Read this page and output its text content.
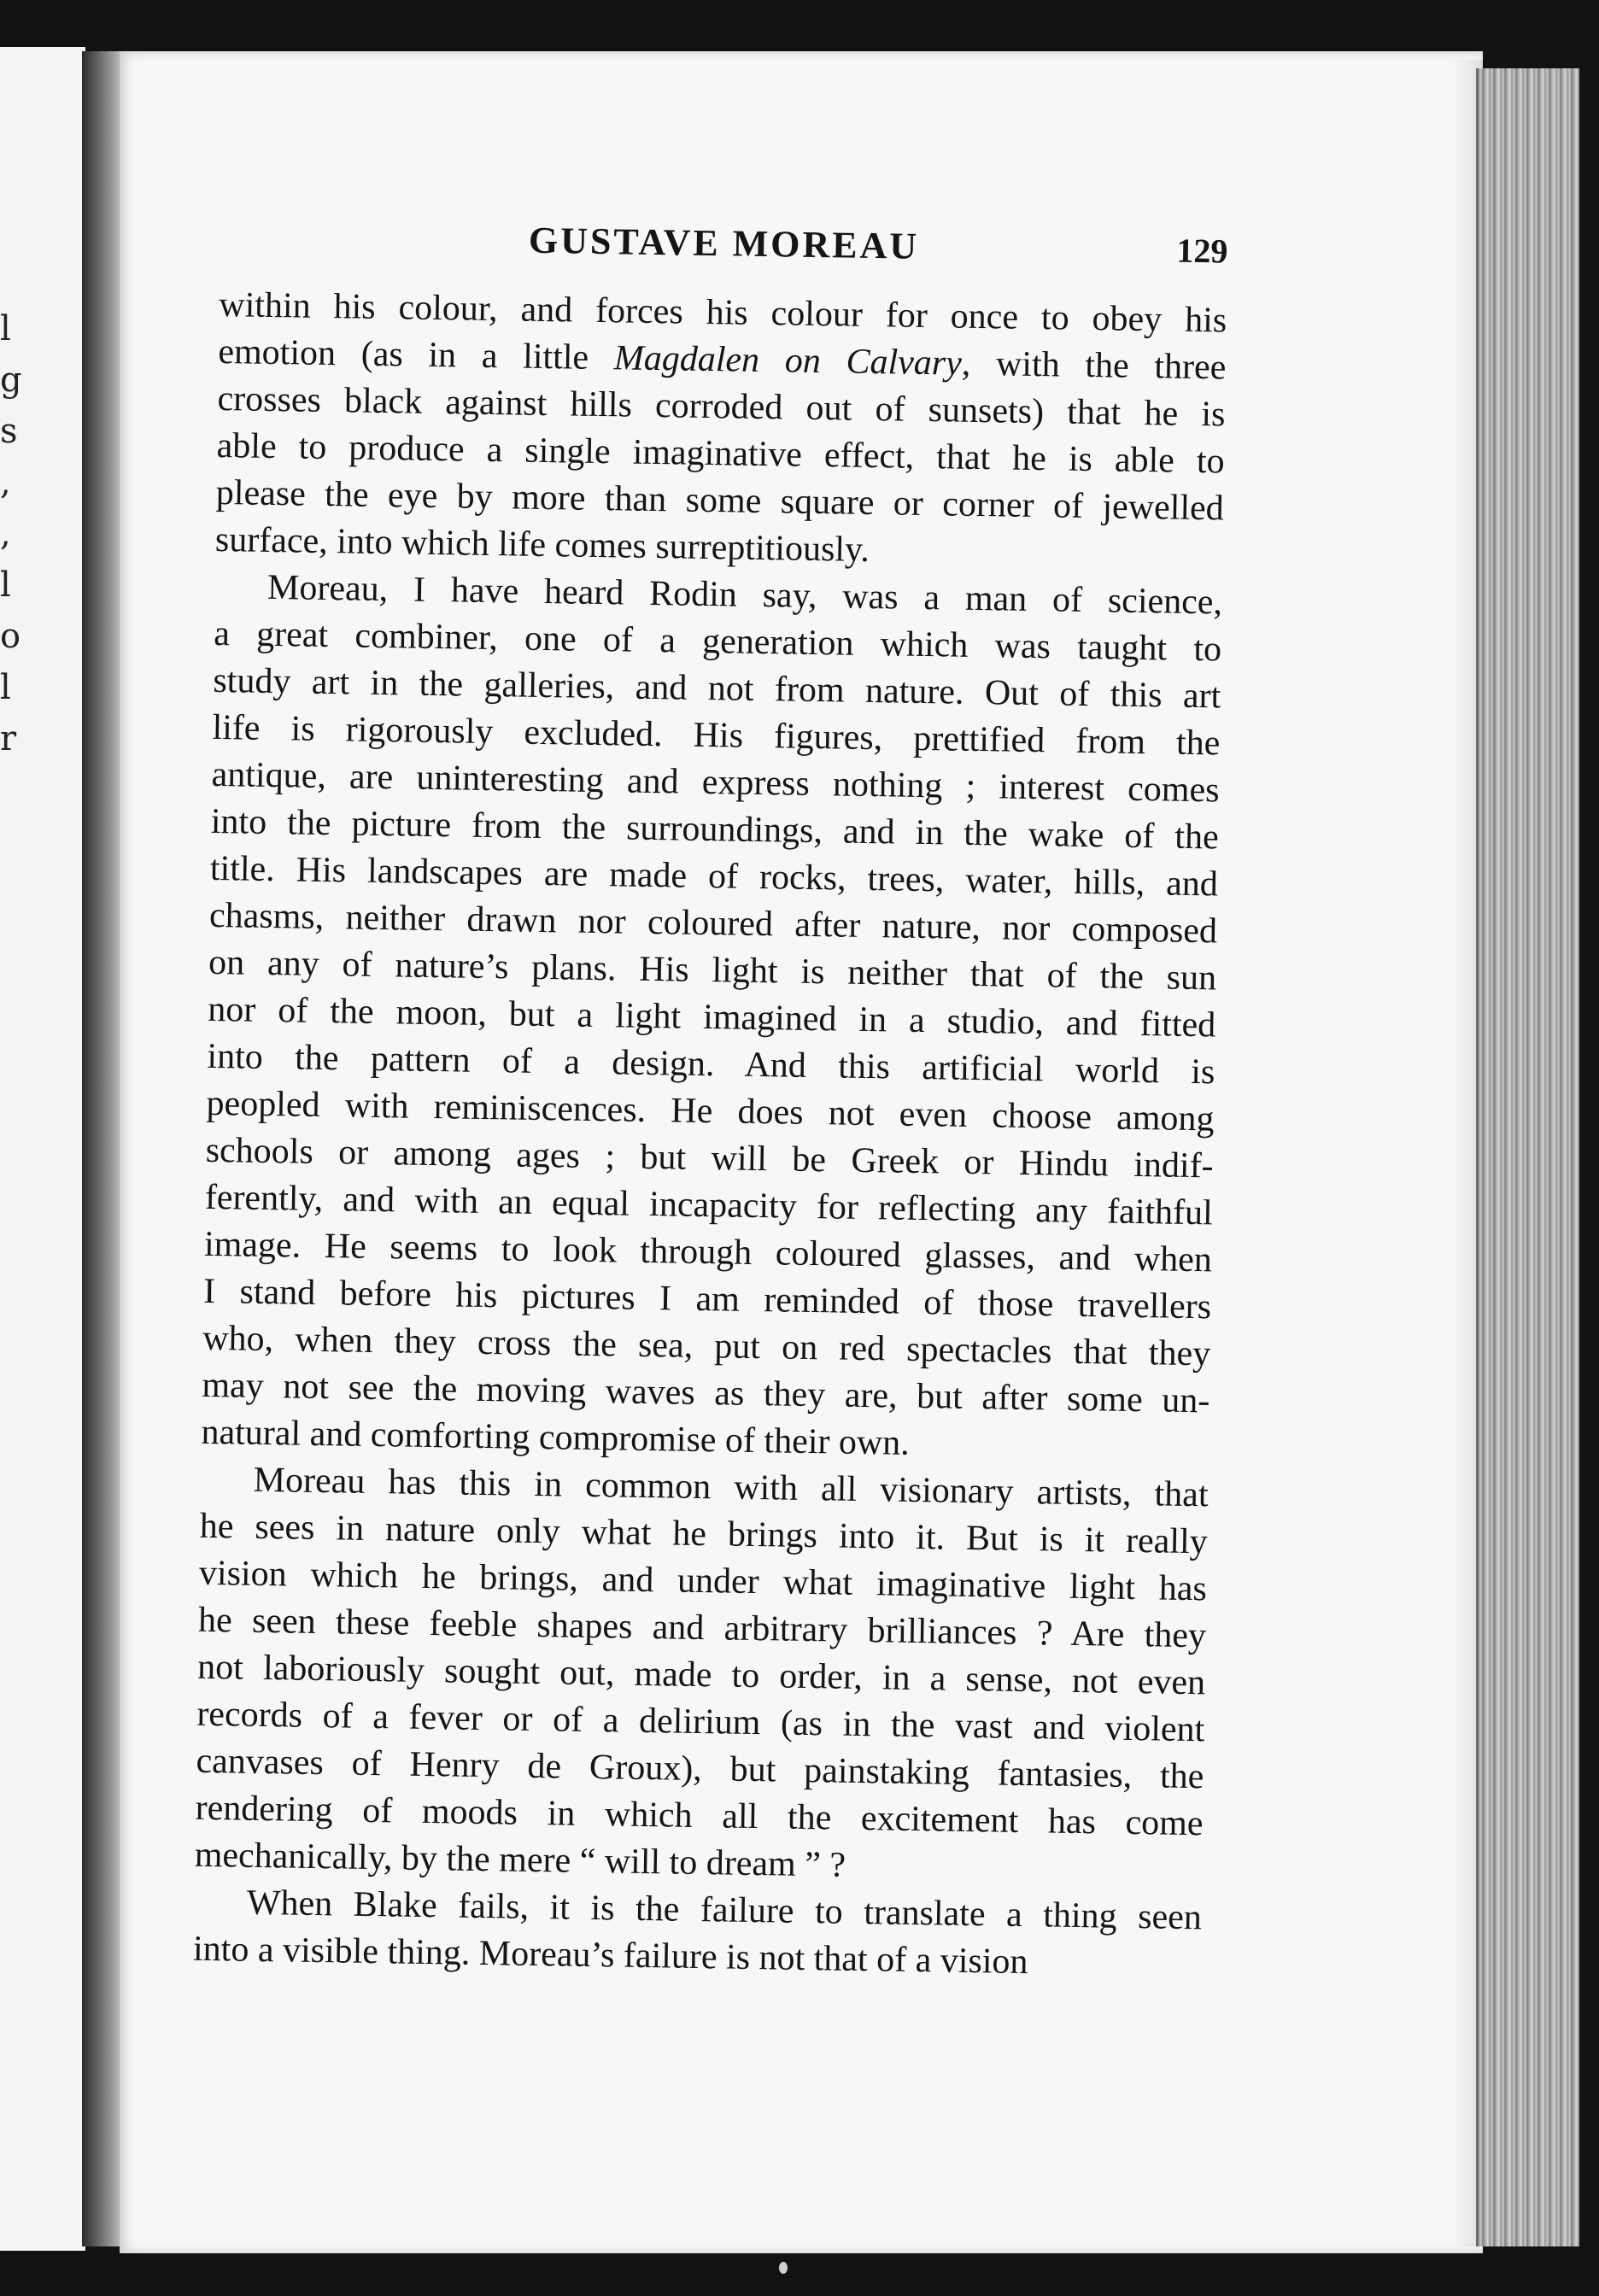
l
g
s
,
,
l
o
l
r
GUSTAVE MOREAU	129

within his colour, and forces his colour for once to obey his
emotion (as in a little Magdalen on Calvary, with the three
crosses black against hills corroded out of sunsets) that he is
able to produce a single imaginative effect, that he is able to
please the eye by more than some square or corner of jewelled
surface, into which life comes surreptitiously.

Moreau, I have heard Rodin say, was a man of science,
a great combiner, one of a generation which was taught to
study art in the galleries, and not from nature. Out of this art
life is rigorously excluded. His figures, prettified from the
antique, are uninteresting and express nothing ; interest comes
into the picture from the surroundings, and in the wake of the
title. His landscapes are made of rocks, trees, water, hills, and
chasms, neither drawn nor coloured after nature, nor composed
on any of nature’s plans. His light is neither that of the sun
nor of the moon, but a light imagined in a studio, and fitted
into the pattern of a design. And this artificial world is
peopled with reminiscences. He does not even choose among
schools or among ages ; but will be Greek or Hindu indif-
ferently, and with an equal incapacity for reflecting any faithful
image. He seems to look through coloured glasses, and when
I stand before his pictures I am reminded of those travellers
who, when they cross the sea, put on red spectacles that they
may not see the moving waves as they are, but after some un-
natural and comforting compromise of their own.

Moreau has this in common with all visionary artists, that
he sees in nature only what he brings into it. But is it really
vision which he brings, and under what imaginative light has
he seen these feeble shapes and arbitrary brilliances ? Are they
not laboriously sought out, made to order, in a sense, not even
records of a fever or of a delirium (as in the vast and violent
canvases of Henry de Groux), but painstaking fantasies, the
rendering of moods in which all the excitement has come
mechanically, by the mere “ will to dream ” ?

When Blake fails, it is the failure to translate a thing seen
into a visible thing. Moreau’s failure is not that of a vision
